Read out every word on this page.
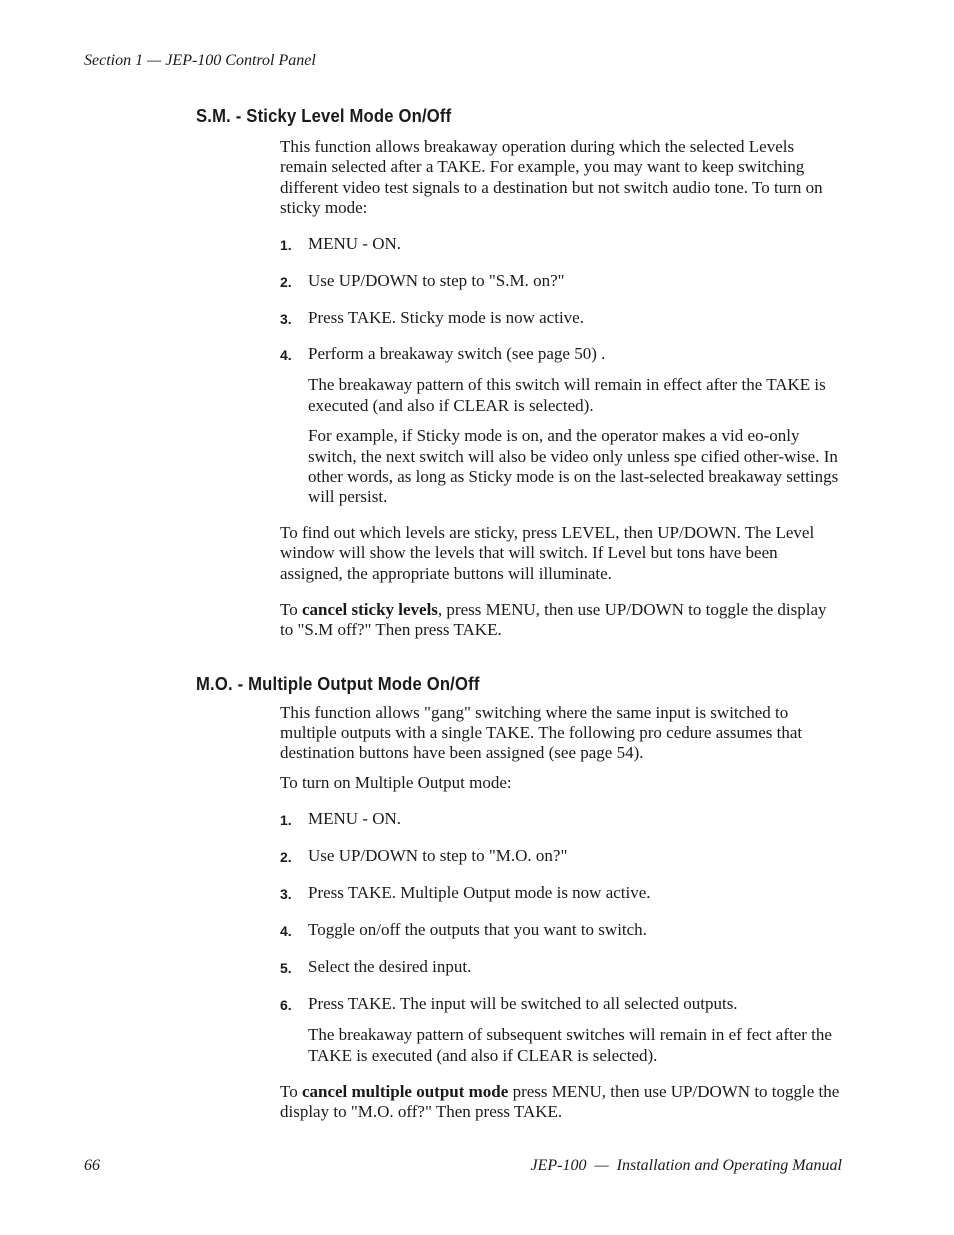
Section 1 — JEP-100 Control Panel
S.M. - Sticky Level Mode On/Off

This function allows breakaway operation during which the selected Levels remain selected after a TAKE. For example, you may want to keep switching different video test signals to a destination but not switch audio tone. To turn on sticky mode:

1. MENU - ON.
2. Use UP/DOWN to step to "S.M. on?"
3. Press TAKE. Sticky mode is now active.
4. Perform a breakaway switch (see page 50) .

The breakaway pattern of this switch will remain in effect after the TAKE is executed (and also if CLEAR is selected).

For example, if Sticky mode is on, and the operator makes a vid eo-only switch, the next switch will also be video only unless spe cified other-wise. In other words, as long as Sticky mode is on the last-selected breakaway settings will persist.

To find out which levels are sticky, press LEVEL, then UP/DOWN. The Level window will show the levels that will switch. If Level but tons have been assigned, the appropriate buttons will illuminate.

To cancel sticky levels, press MENU, then use UP/DOWN to toggle the display to "S.M off?" Then press TAKE.

M.O. - Multiple Output Mode On/Off

This function allows "gang" switching where the same input is switched to multiple outputs with a single TAKE. The following pro cedure assumes that destination buttons have been assigned (see page 54).

To turn on Multiple Output mode:

1. MENU - ON.
2. Use UP/DOWN to step to "M.O. on?"
3. Press TAKE. Multiple Output mode is now active.
4. Toggle on/off the outputs that you want to switch.
5. Select the desired input.
6. Press TAKE. The input will be switched to all selected outputs.

The breakaway pattern of subsequent switches will remain in ef fect after the TAKE is executed (and also if CLEAR is selected).

To cancel multiple output mode press MENU, then use UP/DOWN to toggle the display to "M.O. off?" Then press TAKE.

66	JEP-100  —  Installation and Operating Manual
